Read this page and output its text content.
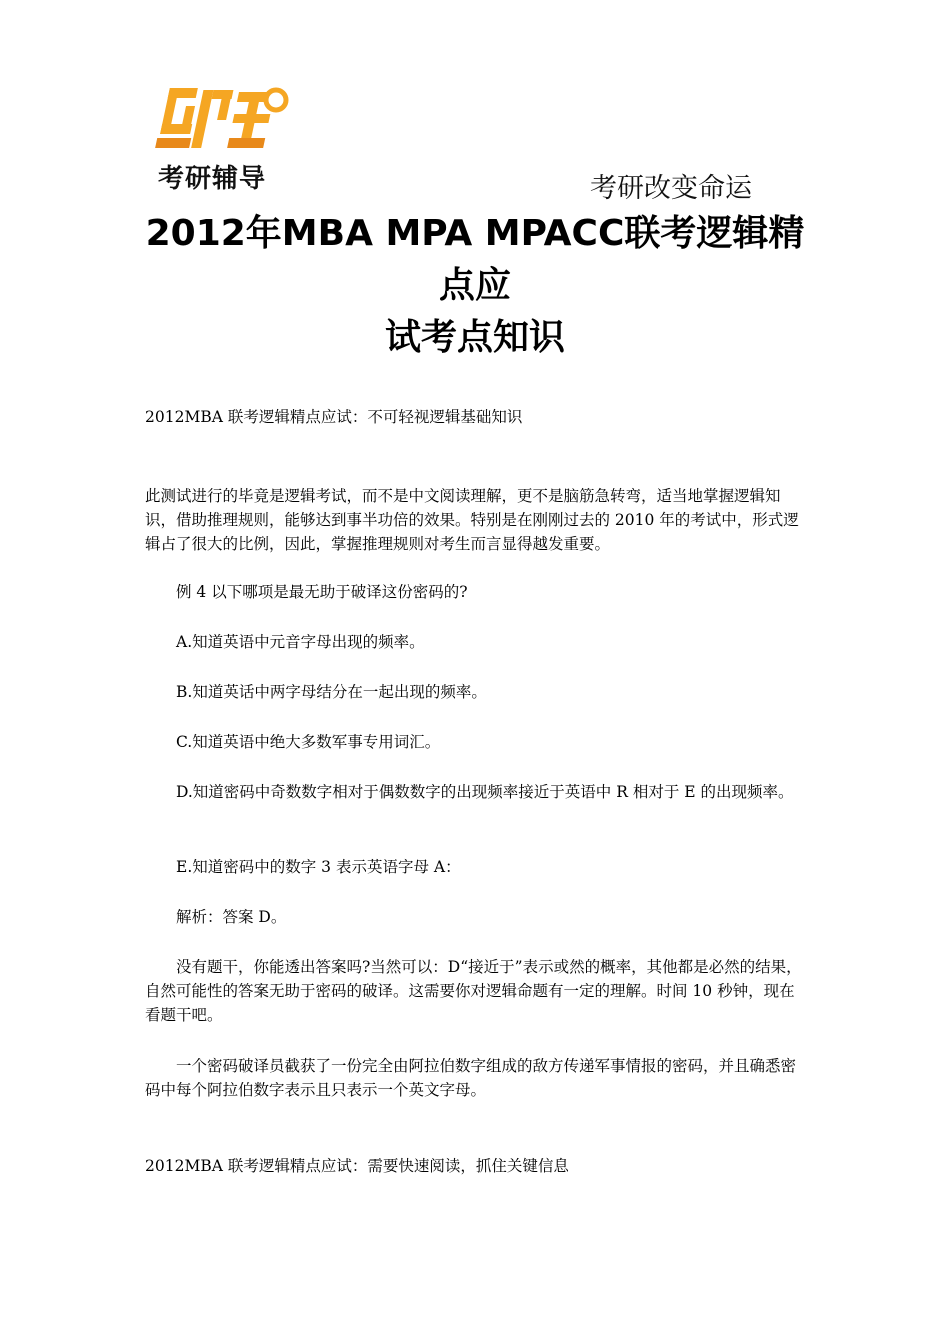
考研辅导	考研改变命运
2012年MBA MPA MPACC联考逻辑精点应
试考点知识

2012MBA 联考逻辑精点应试：不可轻视逻辑基础知识

此测试进行的毕竟是逻辑考试，而不是中文阅读理解，更不是脑筋急转弯，适当地掌握逻辑知识，借助推理规则，能够达到事半功倍的效果。特别是在刚刚过去的 2010 年的考试中，形式逻辑占了很大的比例，因此，掌握推理规则对考生而言显得越发重要。

例 4 以下哪项是最无助于破译这份密码的?

A.知道英语中元音字母出现的频率。

B.知道英话中两字母结分在一起出现的频率。

C.知道英语中绝大多数军事专用词汇。

D.知道密码中奇数数字相对于偶数数字的出现频率接近于英语中 R 相对于 E 的出现频率。

E.知道密码中的数字 3 表示英语字母 A：

解析：答案 D。

没有题干，你能透出答案吗?当然可以：D“接近于”表示或然的概率，其他都是必然的结果，自然可能性的答案无助于密码的破译。这需要你对逻辑命题有一定的理解。时间 10 秒钟，现在看题干吧。

一个密码破译员截获了一份完全由阿拉伯数字组成的敌方传递军事情报的密码，并且确悉密码中每个阿拉伯数字表示且只表示一个英文字母。

2012MBA 联考逻辑精点应试：需要快速阅读，抓住关键信息
